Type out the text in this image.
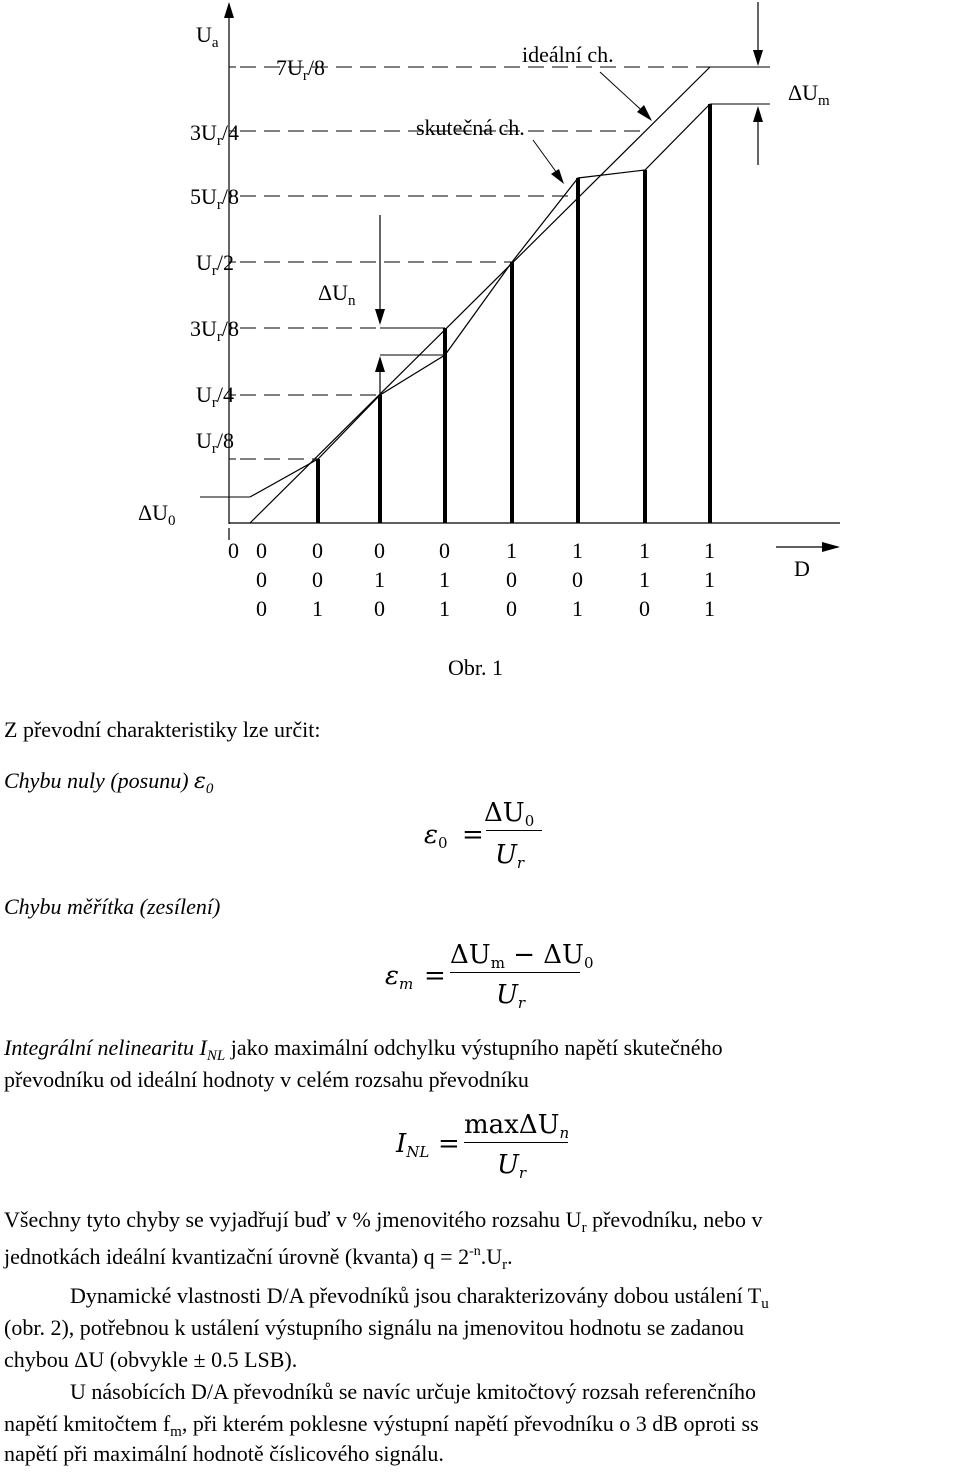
$U_a$
$7U_r/8$
$3U_r/4$
$5U_r/8$
$U_r/2$
$3U_r/8$
$U_r/4$
$U_r/8$
$\Delta U_0$
ideální ch.
skutečná ch.
$\Delta U_m$
$\Delta U_n$
D
0 0
0
0
0
0
1
0
1
0
0
1
1
1
0
0
1
0
1
1
1
0
1
1
1
Obr. 1

Z převodní charakteristiky lze určit:

Chybu nuly (posunu) $\varepsilon_0$

$\varepsilon_0$ =
$\Delta U_0$
$U_r$

Chybu měřítka (zesílení)

$\varepsilon_m$ =
$\Delta U_m - \Delta U_0$
$U_r$

Integrální nelinearitu $I_{NL}$ jako maximální odchylku výstupního napětí skutečného

převodníku od ideální hodnoty v celém rozsahu převodníku

$I_{NL}$ =
maxΔU$_n$
$U_r$

Všechny tyto chyby se vyjadřují buď v % jmenovitého rozsahu $U_r$ převodníku, nebo v

jednotkách ideální kvantizační úrovně (kvanta) $q = 2^{-n}.U_r$.

Dynamické vlastnosti D/A převodníků jsou charakterizovány dobou ustálení $T_u$

(obr. 2), potřebnou k ustálení výstupního signálu na jmenovitou hodnotu se zadanou

chybou ΔU (obvykle ± 0.5 LSB).

U násobících D/A převodníků se navíc určuje kmitočtový rozsah referenčního

napětí kmitočtem $f_m$, při kterém poklesne výstupní napětí převodníku o 3 dB oproti ss

napětí při maximální hodnotě číslicového signálu.
